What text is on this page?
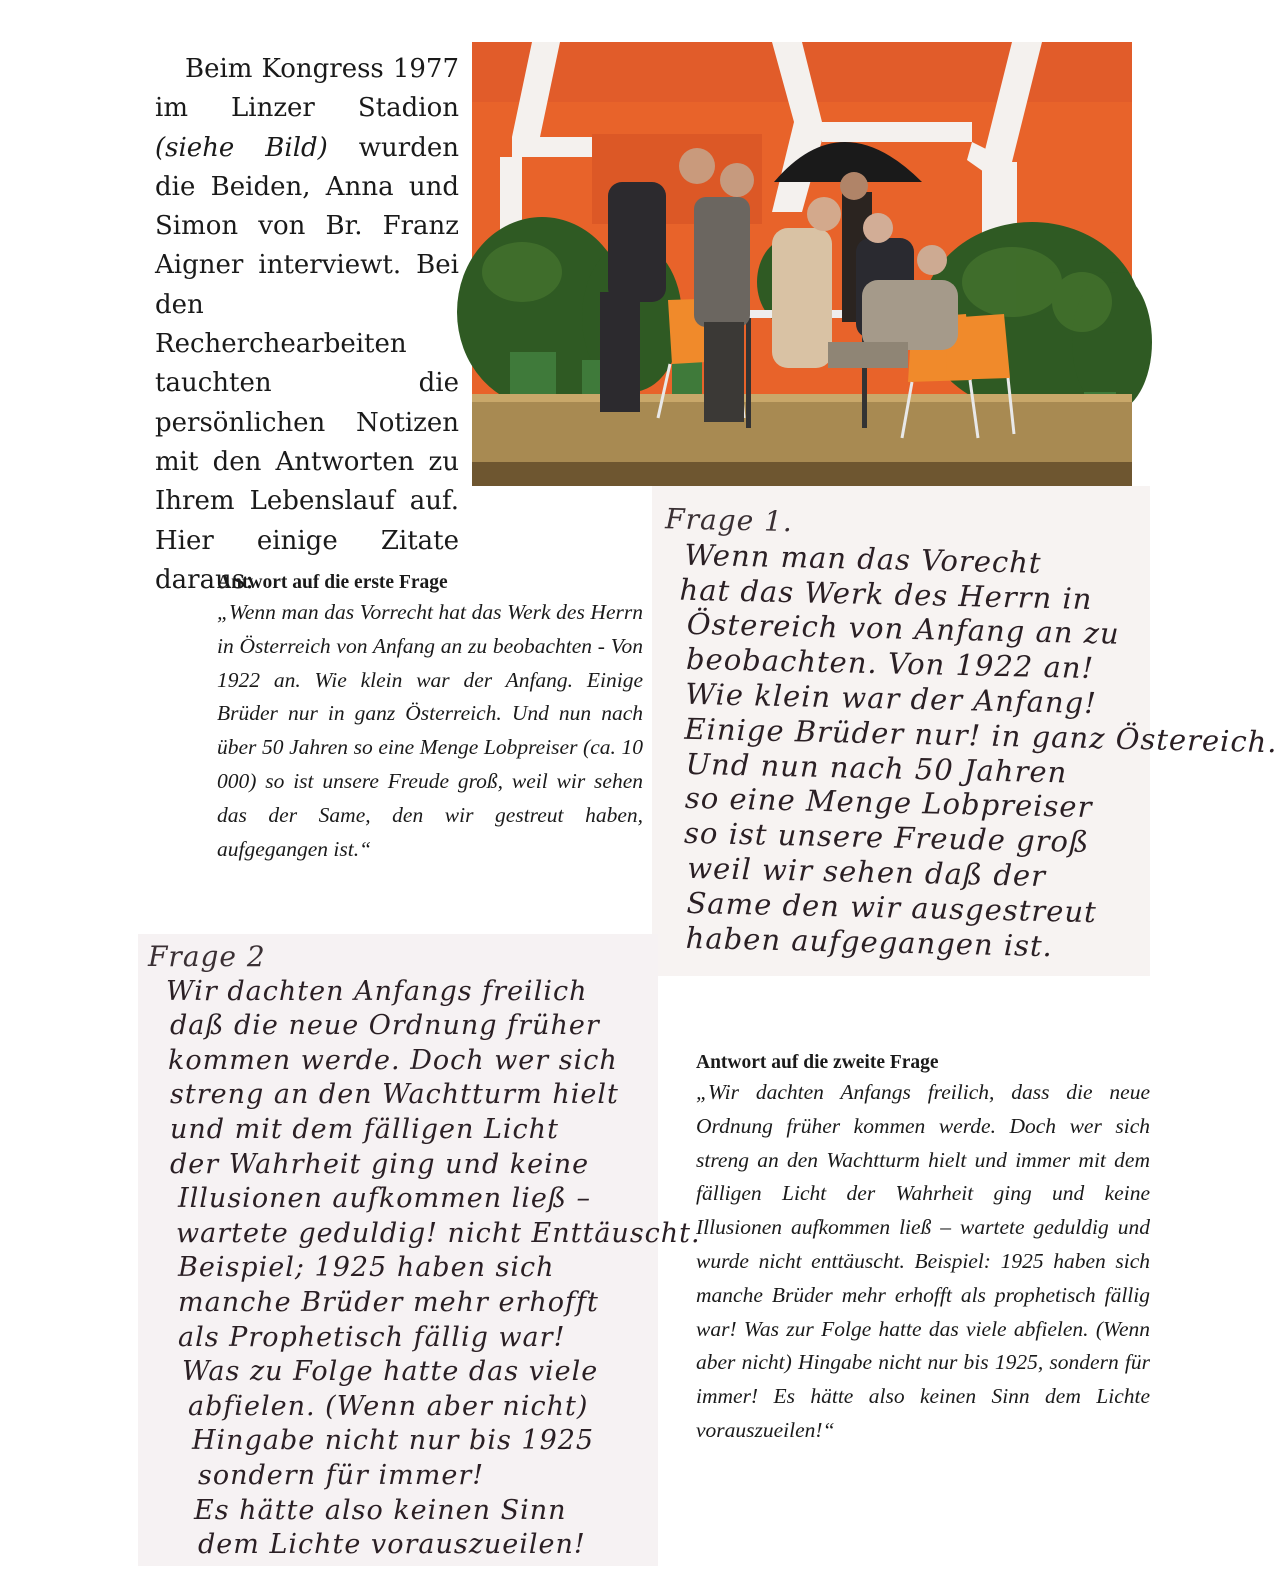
Beim Kongress 1977 im Linzer Stadion (siehe Bild) wurden die Beiden, Anna und Simon von Br. Franz Aigner interviewt. Bei den Recherchearbeiten tauchten die persönlichen Notizen mit den Antworten zu Ihrem Lebenslauf auf. Hier einige Zitate daraus:

Antwort auf die erste Frage

„Wenn man das Vorrecht hat das Werk des Herrn in Österreich von Anfang an zu beobachten - Von 1922 an. Wie klein war der Anfang. Einige Brüder nur in ganz Österreich. Und nun nach über 50 Jahren so eine Menge Lobpreiser (ca. 10 000) so ist unsere Freude groß, weil wir sehen das der Same, den wir gestreut haben, aufgegangen ist.“

Frage 1.
Wenn man das Vorecht
hat das Werk des Herrn in
Östereich von Anfang an zu
beobachten. Von 1922 an!
Wie klein war der Anfang!
Einige Brüder nur! in ganz Östereich.
Und nun nach 50 Jahren
so eine Menge Lobpreiser
so ist unsere Freude groß
weil wir sehen daß der
Same den wir ausgestreut
haben aufgegangen ist.
Frage 2
Wir dachten Anfangs freilich
daß die neue Ordnung früher
kommen werde. Doch wer sich
streng an den Wachtturm hielt
und mit dem fälligen Licht
der Wahrheit ging und keine
Illusionen aufkommen ließ –
wartete geduldig! nicht Enttäuscht.
Beispiel; 1925 haben sich
manche Brüder mehr erhofft
als Prophetisch fällig war!
Was zu Folge hatte das viele
abfielen. (Wenn aber nicht)
Hingabe nicht nur bis 1925
sondern für immer!
Es hätte also keinen Sinn
dem Lichte vorauszueilen!
Antwort auf die zweite Frage

„Wir dachten Anfangs freilich, dass die neue Ordnung früher kommen werde. Doch wer sich streng an den Wachtturm hielt und immer mit dem fälligen Licht der Wahrheit ging und keine Illusionen aufkommen ließ – wartete geduldig und wurde nicht enttäuscht. Beispiel: 1925 haben sich manche Brüder mehr erhofft als prophetisch fällig war! Was zur Folge hatte das viele abfielen. (Wenn aber nicht) Hingabe nicht nur bis 1925, sondern für immer! Es hätte also keinen Sinn dem Lichte vorauszueilen!“
